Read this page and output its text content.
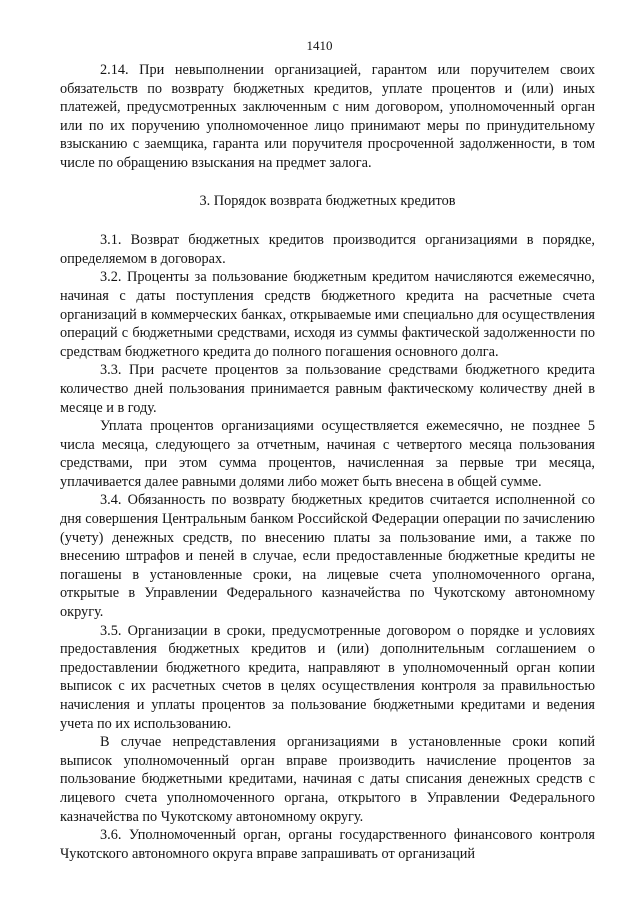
1410

2.14. При невыполнении организацией, гарантом или поручителем своих обязательств по возврату бюджетных кредитов, уплате процентов и (или) иных платежей, предусмотренных заключенным с ним договором, уполномоченный орган или по их поручению уполномоченное лицо принимают меры по принудительному взысканию с заемщика, гаранта или поручителя просроченной задолженности, в том числе по обращению взыскания на предмет залога.

3. Порядок возврата бюджетных кредитов

3.1. Возврат бюджетных кредитов производится организациями в порядке, определяемом в договорах.

3.2. Проценты за пользование бюджетным кредитом начисляются ежемесячно, начиная с даты поступления средств бюджетного кредита на расчетные счета организаций в коммерческих банках, открываемые ими специально для осуществления операций с бюджетными средствами, исходя из суммы фактической задолженности по средствам бюджетного кредита до полного погашения основного долга.

3.3. При расчете процентов за пользование средствами бюджетного кредита количество дней пользования принимается равным фактическому количеству дней в месяце и в году.

Уплата процентов организациями осуществляется ежемесячно, не позднее 5 числа месяца, следующего за отчетным, начиная с четвертого месяца пользования средствами, при этом сумма процентов, начисленная за первые три месяца, уплачивается далее равными долями либо может быть внесена в общей сумме.

3.4. Обязанность по возврату бюджетных кредитов считается исполненной со дня совершения Центральным банком Российской Федерации операции по зачислению (учету) денежных средств, по внесению платы за пользование ими, а также по внесению штрафов и пеней в случае, если предоставленные бюджетные кредиты не погашены в установленные сроки, на лицевые счета уполномоченного органа, открытые в Управлении Федерального казначейства по Чукотскому автономному округу.

3.5. Организации в сроки, предусмотренные договором о порядке и условиях предоставления бюджетных кредитов и (или) дополнительным соглашением о предоставлении бюджетного кредита, направляют в уполномоченный орган копии выписок с их расчетных счетов в целях осуществления контроля за правильностью начисления и уплаты процентов за пользование бюджетными кредитами и ведения учета по их использованию.

В случае непредставления организациями в установленные сроки копий выписок уполномоченный орган вправе производить начисление процентов за пользование бюджетными кредитами, начиная с даты списания денежных средств с лицевого счета уполномоченного органа, открытого в Управлении Федерального казначейства по Чукотскому автономному округу.

3.6. Уполномоченный орган, органы государственного финансового контроля Чукотского автономного округа вправе запрашивать от организаций
